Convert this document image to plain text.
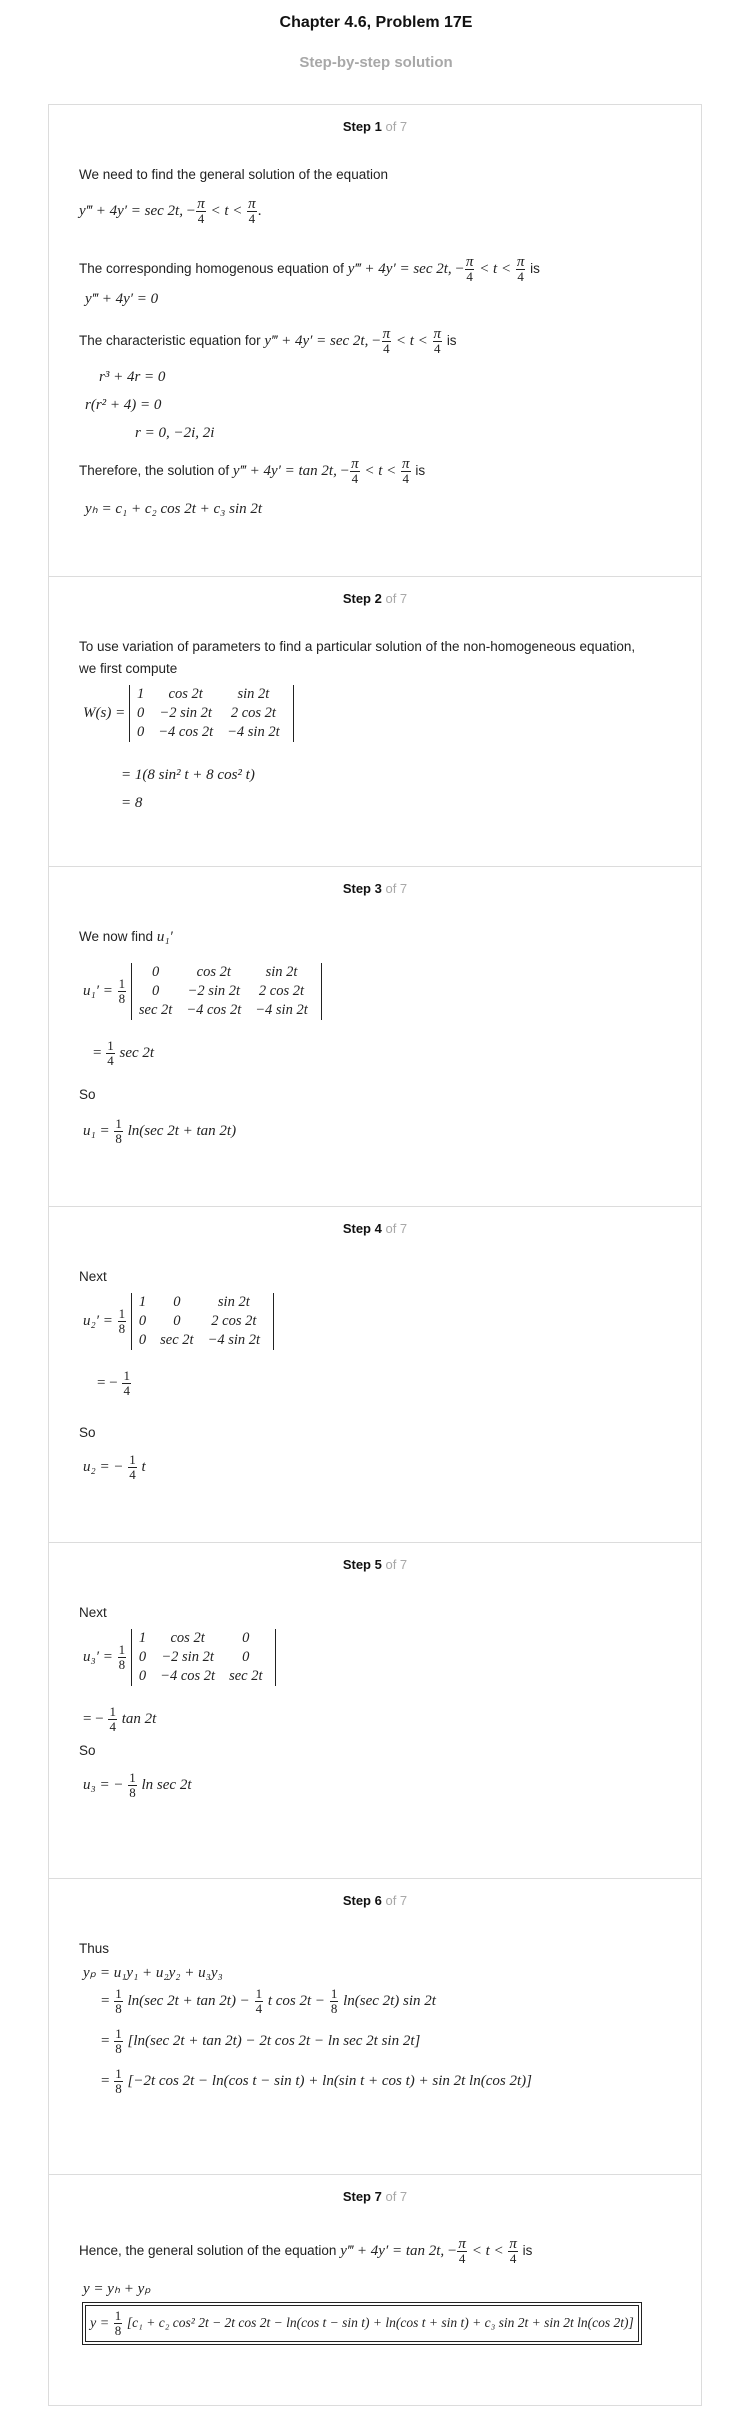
Chapter 4.6, Problem 17E
Step-by-step solution
Step 1 of 7
We need to find the general solution of the equation
y‴ + 4y′ = sec 2t, − $\frac{\pi}{4} < t < \frac{\pi}{4}$ .
The corresponding homogenous equation of y‴ + 4y′ = sec 2t, − $\frac{\pi}{4} < t < \frac{\pi}{4}$ is
y‴ + 4y′ = 0
The characteristic equation for y‴ + 4y′ = sec 2t, − $\frac{\pi}{4} < t < \frac{\pi}{4}$ is
r³ + 4r = 0
r(r² + 4) = 0
r = 0, −2i, 2i
Therefore, the solution of y‴ + 4y′ = tan 2t, − $\frac{\pi}{4} < t < \frac{\pi}{4}$ is
yₕ = c₁ + c₂ cos 2t + c₃ sin 2t
Step 2 of 7
To use variation of parameters to find a particular solution of the non-homogeneous equation,
we first compute
W(s) =
1	cos 2t	sin 2t
0	−2 sin 2t	2 cos 2t
0	−4 cos 2t	−4 sin 2t
= 1(8 sin² t + 8 cos² t)
= 8
Step 3 of 7
We now find u₁′
$u_1' = \frac{1}{8}$

0	cos 2t	sin 2t
0	−2 sin 2t	2 cos 2t
sec 2t	−4 cos 2t	−4 sin 2t
= $\frac{1}{4}$ sec 2t
So
$u_1 = \frac{1}{8} \ln(\sec$ 2t + tan 2t)
Step 4 of 7
Next
$u_2' = \frac{1}{8}$

1	0	sin 2t
0	0	2 cos 2t
0	sec 2t	−4 sin 2t
= − $\frac{1}{4}$
So
u₂ = − $\frac{1}{4}$ t
Step 5 of 7
Next
$u_3' = \frac{1}{8}$

1	cos 2t	0
0	−2 sin 2t	0
0	−4 cos 2t	sec 2t
= − $\frac{1}{4}$ tan 2t
So
u₃ = − $\frac{1}{8}$ ln sec 2t
Step 6 of 7
Thus
yₚ = u₁y₁ + u₂y₂ + u₃y₃
= $\frac{1}{8} \ln(\sec$ $2t + \tan 2t) - \frac{1}{4}$ t $\cos 2t - \frac{1}{8} \ln(\sec$ 2t) sin 2t
= $\frac{1}{8} [\ln(\sec$ 2t + tan 2t) − 2t cos 2t − ln sec 2t sin 2t]
= $\frac{1}{8} [-2t$ cos 2t − ln(cos t − sin t) + ln(sin t + cos t) + sin 2t ln(cos 2t)]
Step 7 of 7
Hence, the general solution of the equation y‴ + 4y′ = tan 2t, − $\frac{\pi}{4} < t < \frac{\pi}{4}$ is
y = yₕ + yₚ
$y = \frac{1}{8} [c_1 + c_2$ cos² 2t − 2t cos 2t − ln(cos t − sin t) + ln(cos t + sin t) + c₃ sin 2t + sin 2t ln(cos 2t)]
